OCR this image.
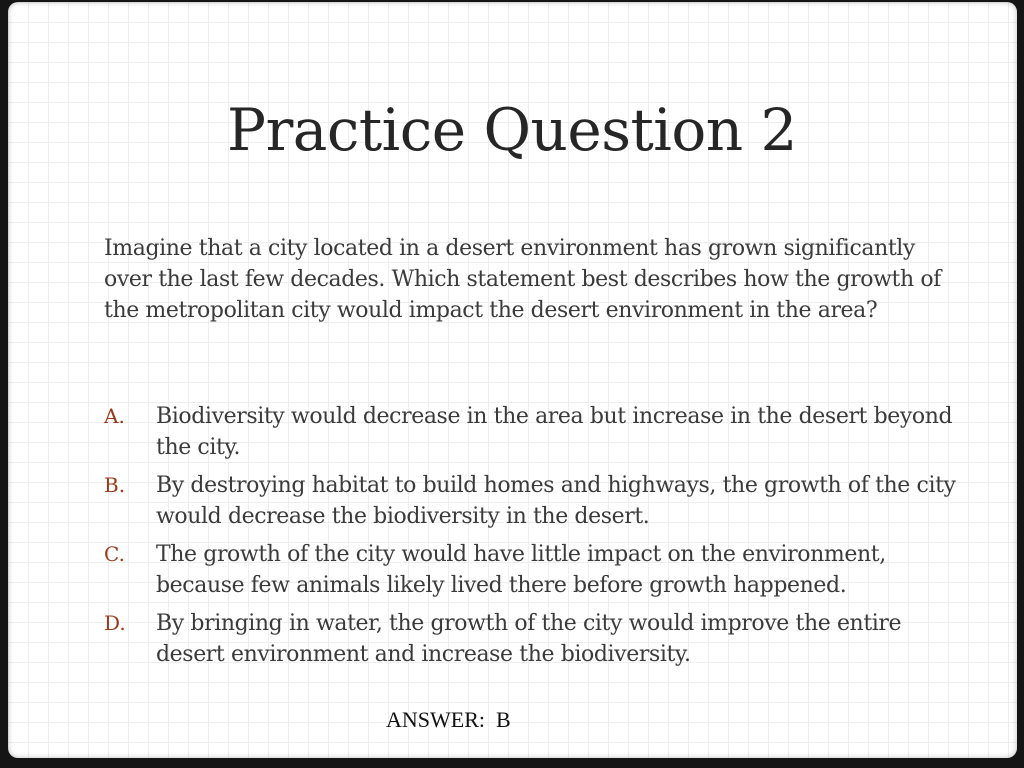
Practice Question 2

Imagine that a city located in a desert environment has grown significantly over the last few decades. Which statement best describes how the growth of the metropolitan city would impact the desert environment in the area?

A.	Biodiversity would decrease in the area but increase in the desert beyond the city.
B.	By destroying habitat to build homes and highways, the growth of the city would decrease the biodiversity in the desert.
C.	The growth of the city would have little impact on the environment, because few animals likely lived there before growth happened.
D.	By bringing in water, the growth of the city would improve the entire desert environment and increase the biodiversity.

ANSWER:  B
